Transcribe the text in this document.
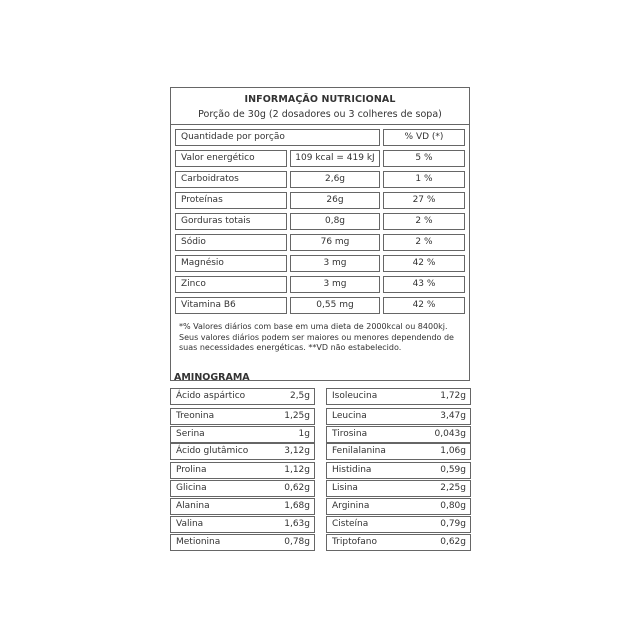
INFORMAÇÃO NUTRICIONAL
Porção de 30g (2 dosadores ou 3 colheres de sopa)
Quantidade por porção	% VD (*)
Valor energético	109 kcal = 419 kJ	5 %
Carboidratos	2,6g	1 %
Proteínas	26g	27 %
Gorduras totais	0,8g	2 %
Sódio	76 mg	2 %
Magnésio	3 mg	42 %
Zinco	3 mg	43 %
Vitamina B6	0,55 mg	42 %
*% Valores diários com base em uma dieta de 2000kcal ou 8400kj.
Seus valores diários podem ser maiores ou menores dependendo de
suas necessidades energéticas. **VD não estabelecido.
AMINOGRAMA
Ácido aspártico	2,5g
Treonina	1,25g
Serina	1g
Ácido glutâmico	3,12g
Prolina	1,12g
Glicina	0,62g
Alanina	1,68g
Valina	1,63g
Metionina	0,78g
Isoleucina	1,72g
Leucina	3,47g
Tirosina	0,043g
Fenilalanina	1,06g
Histidina	0,59g
Lisina	2,25g
Arginina	0,80g
Cisteína	0,79g
Triptofano	0,62g
